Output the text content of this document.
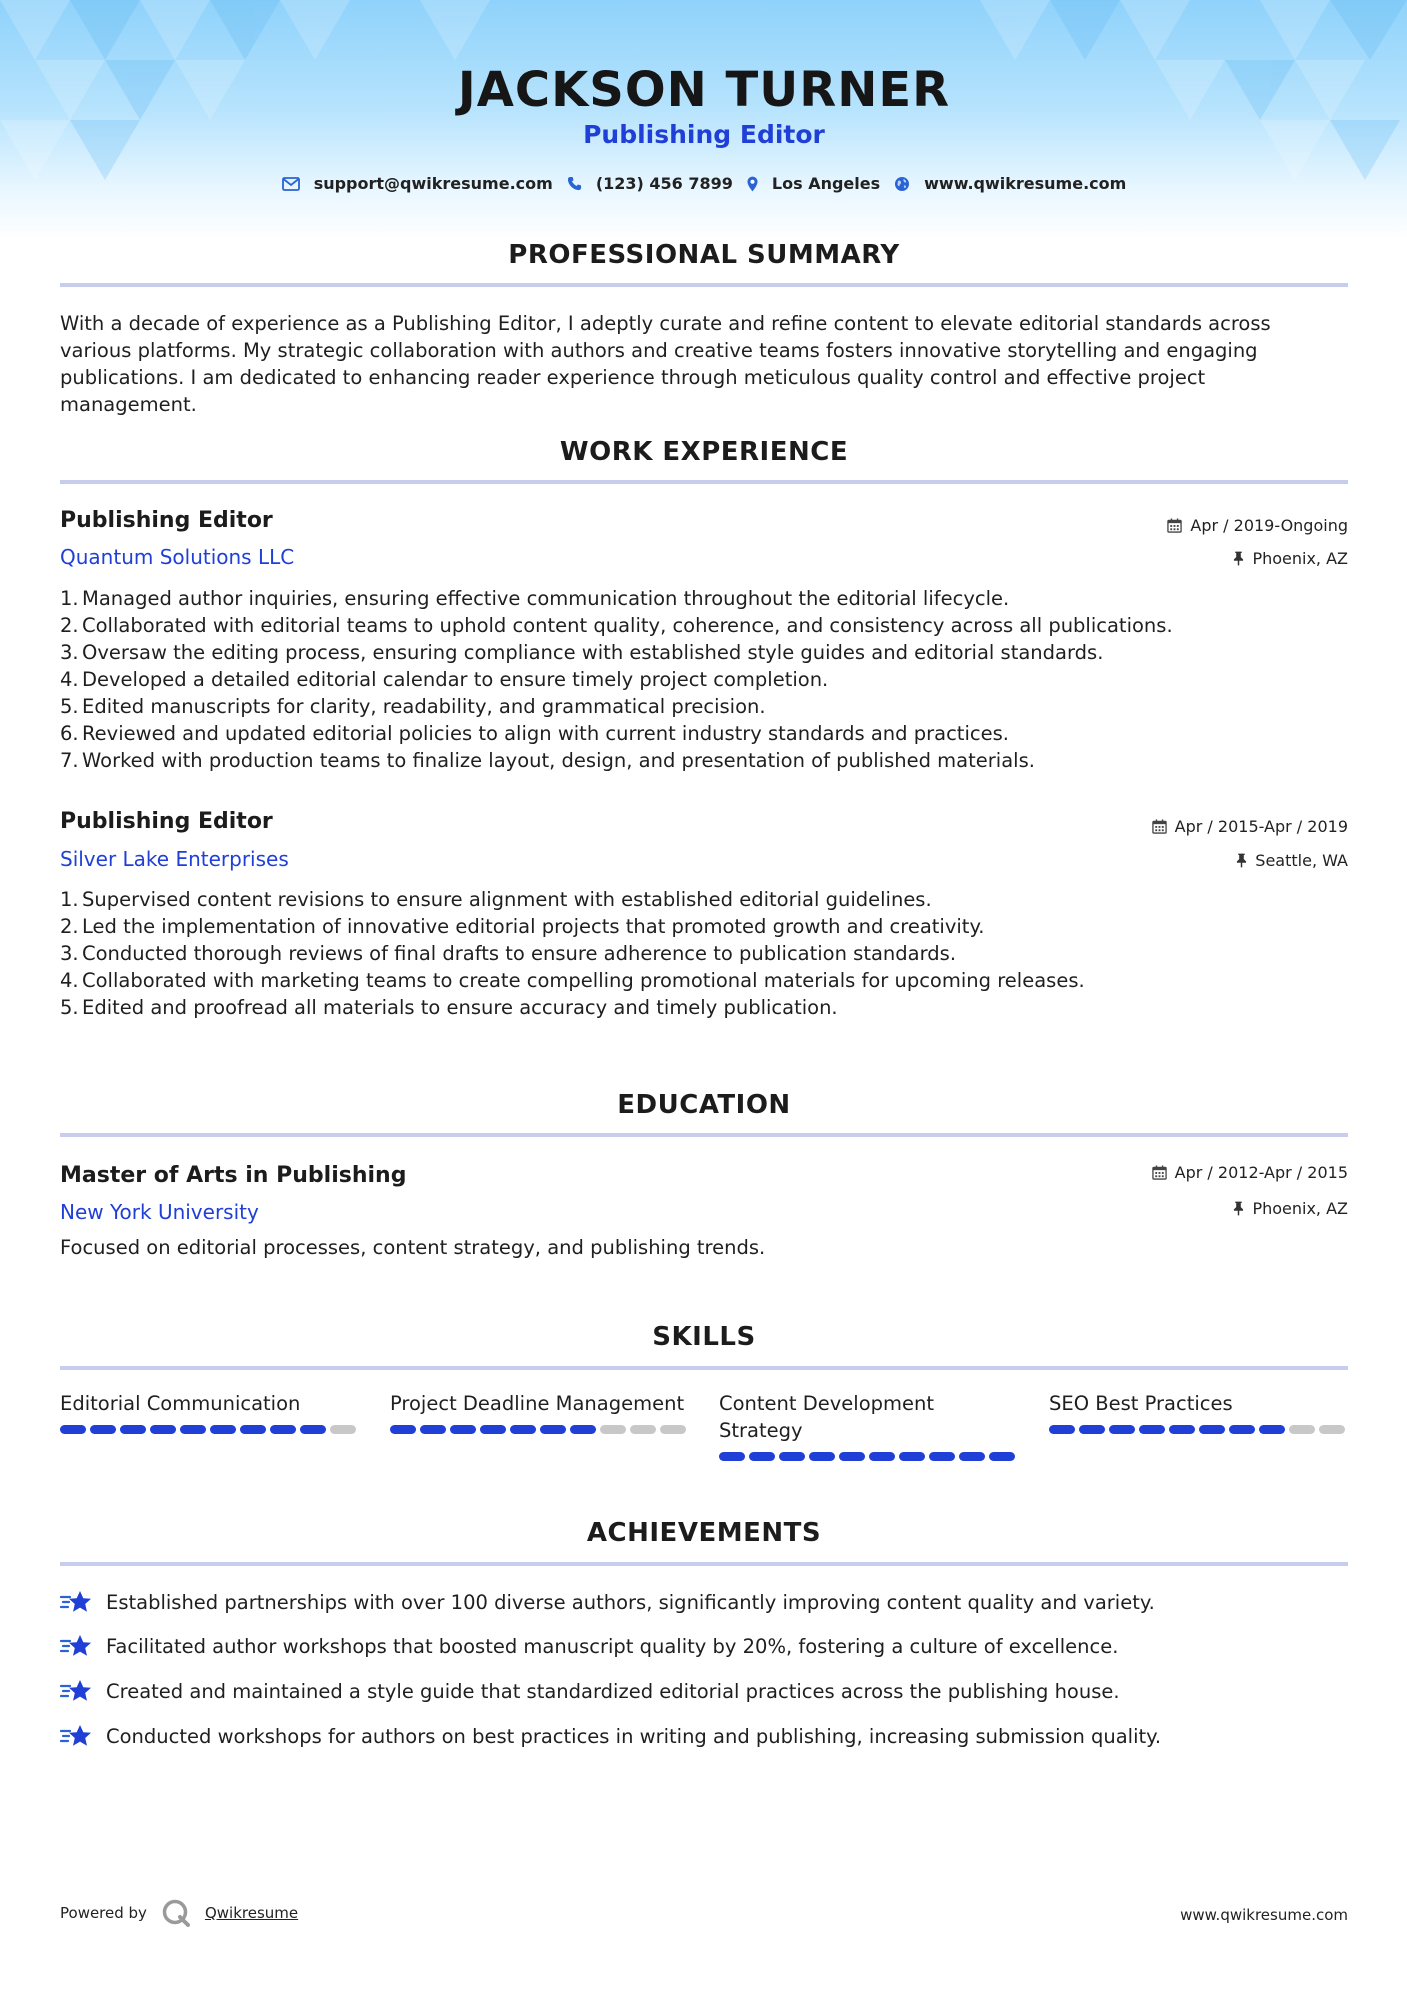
JACKSON TURNER
Publishing Editor
support@qwikresume.com	(123) 456 7899 Los Angeles	www.qwikresume.com
PROFESSIONAL SUMMARY
With a decade of experience as a Publishing Editor, I adeptly curate and refine content to elevate editorial standards across various platforms. My strategic collaboration with authors and creative teams fosters innovative storytelling and engaging publications. I am dedicated to enhancing reader experience through meticulous quality control and effective project management.
WORK EXPERIENCE
Publishing Editor
Quantum Solutions LLC
Apr / 2019-Ongoing
Phoenix, AZ
1. Managed author inquiries, ensuring effective communication throughout the editorial lifecycle.
2. Collaborated with editorial teams to uphold content quality, coherence, and consistency across all publications.
3. Oversaw the editing process, ensuring compliance with established style guides and editorial standards.
4. Developed a detailed editorial calendar to ensure timely project completion.
5. Edited manuscripts for clarity, readability, and grammatical precision.
6. Reviewed and updated editorial policies to align with current industry standards and practices.
7. Worked with production teams to finalize layout, design, and presentation of published materials.
Publishing Editor
Silver Lake Enterprises
Apr / 2015-Apr / 2019
Seattle, WA
1. Supervised content revisions to ensure alignment with established editorial guidelines.
2. Led the implementation of innovative editorial projects that promoted growth and creativity.
3. Conducted thorough reviews of final drafts to ensure adherence to publication standards.
4. Collaborated with marketing teams to create compelling promotional materials for upcoming releases.
5. Edited and proofread all materials to ensure accuracy and timely publication.
EDUCATION
Master of Arts in Publishing
New York University
Apr / 2012-Apr / 2015
Phoenix, AZ
Focused on editorial processes, content strategy, and publishing trends.
SKILLS
Editorial Communication	Project Deadline Management	Content Development
Strategy
SEO Best Practices
ACHIEVEMENTS
Established partnerships with over 100 diverse authors, significantly improving content quality and variety.
Facilitated author workshops that boosted manuscript quality by 20%, fostering a culture of excellence.
Created and maintained a style guide that standardized editorial practices across the publishing house.
Conducted workshops for authors on best practices in writing and publishing, increasing submission quality.
Powered by	Qwikresume	www.qwikresume.com
